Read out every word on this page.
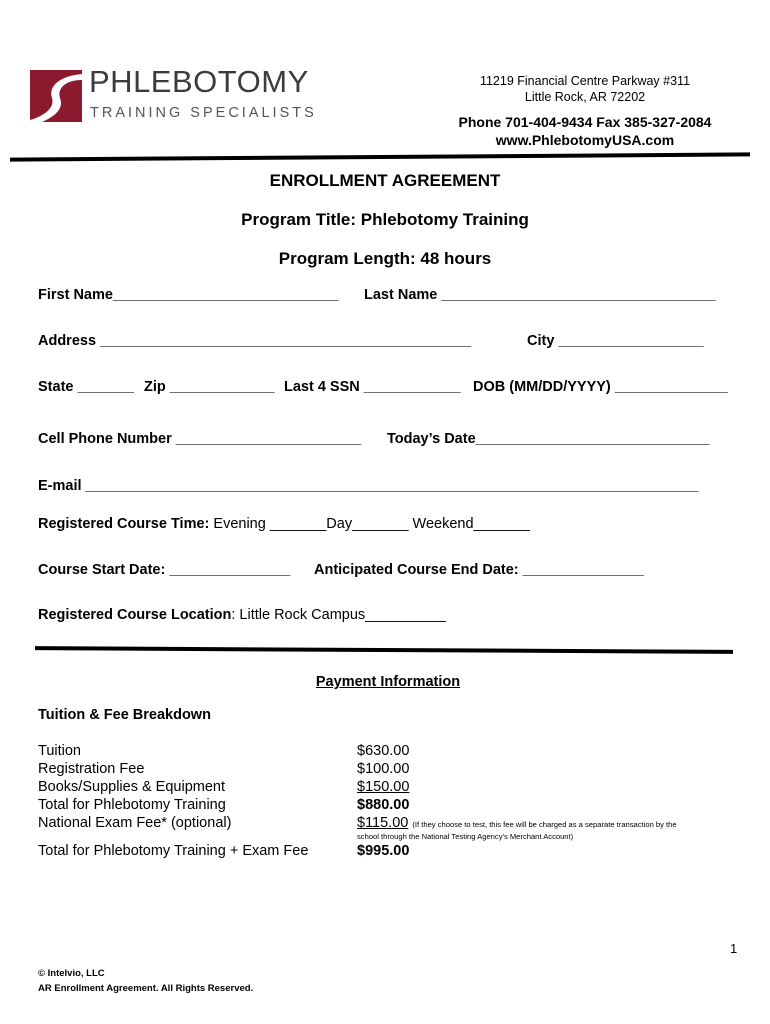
PHLEBOTOMY
TRAINING SPECIALISTS
11219 Financial Centre Parkway #311
Little Rock, AR 72202
Phone 701-404-9434 Fax 385-327-2084
www.PhlebotomyUSA.com
ENROLLMENT AGREEMENT
Program Title: Phlebotomy Training
Program Length: 48 hours
First Name____________________________ Last Name __________________________________
Address ______________________________________________	City __________________
State _______ Zip _____________ Last 4 SSN ____________ DOB (MM/DD/YYYY) ______________
Cell Phone Number _______________________ Today’s Date_____________________________
E-mail ____________________________________________________________________________
Registered Course Time: Evening _______Day_______ Weekend_______
Course Start Date: _______________ Anticipated Course End Date: _______________
Registered Course Location: Little Rock Campus__________
Payment Information
Tuition & Fee Breakdown
Tuition	$630.00
Registration Fee	$100.00
Books/Supplies & Equipment	$150.00
Total for Phlebotomy Training	$880.00
National Exam Fee* (optional)	$115.00 (If they choose to test, this fee will be charged as a separate transaction by the
school through the National Testing Agency's Merchant Account)
Total for Phlebotomy Training + Exam Fee	$995.00
1
© Intelvio, LLC
AR Enrollment Agreement. All Rights Reserved.
